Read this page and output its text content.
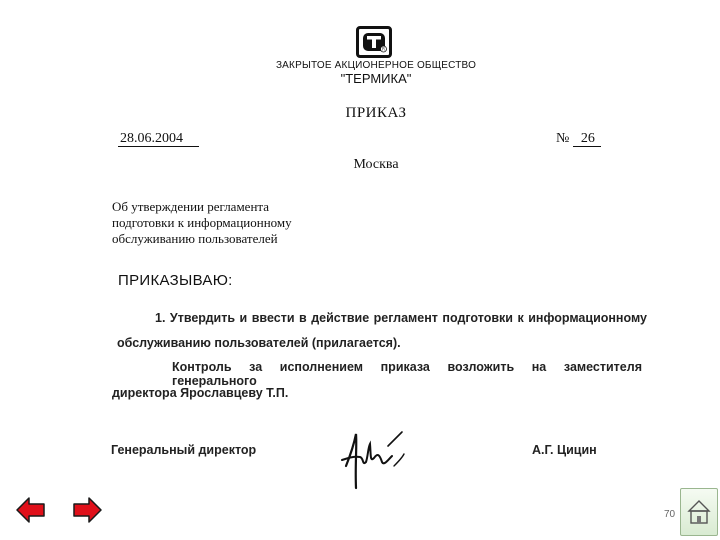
R
ЗАКРЫТОЕ АКЦИОНЕРНОЕ ОБЩЕСТВО
"ТЕРМИКА"
ПРИКАЗ
28.06.2004	№ 26
Москва
Об утверждении регламента
подготовки к информационному
обслуживанию пользователей
ПРИКАЗЫВАЮ:
1. Утвердить и ввести в действие регламент подготовки к информационному
обслуживанию пользователей (прилагается).
Контроль за исполнением приказа возложить на заместителя генерального
директора Ярославцеву Т.П.
Генеральный директор	А.Г. Цицин
70
